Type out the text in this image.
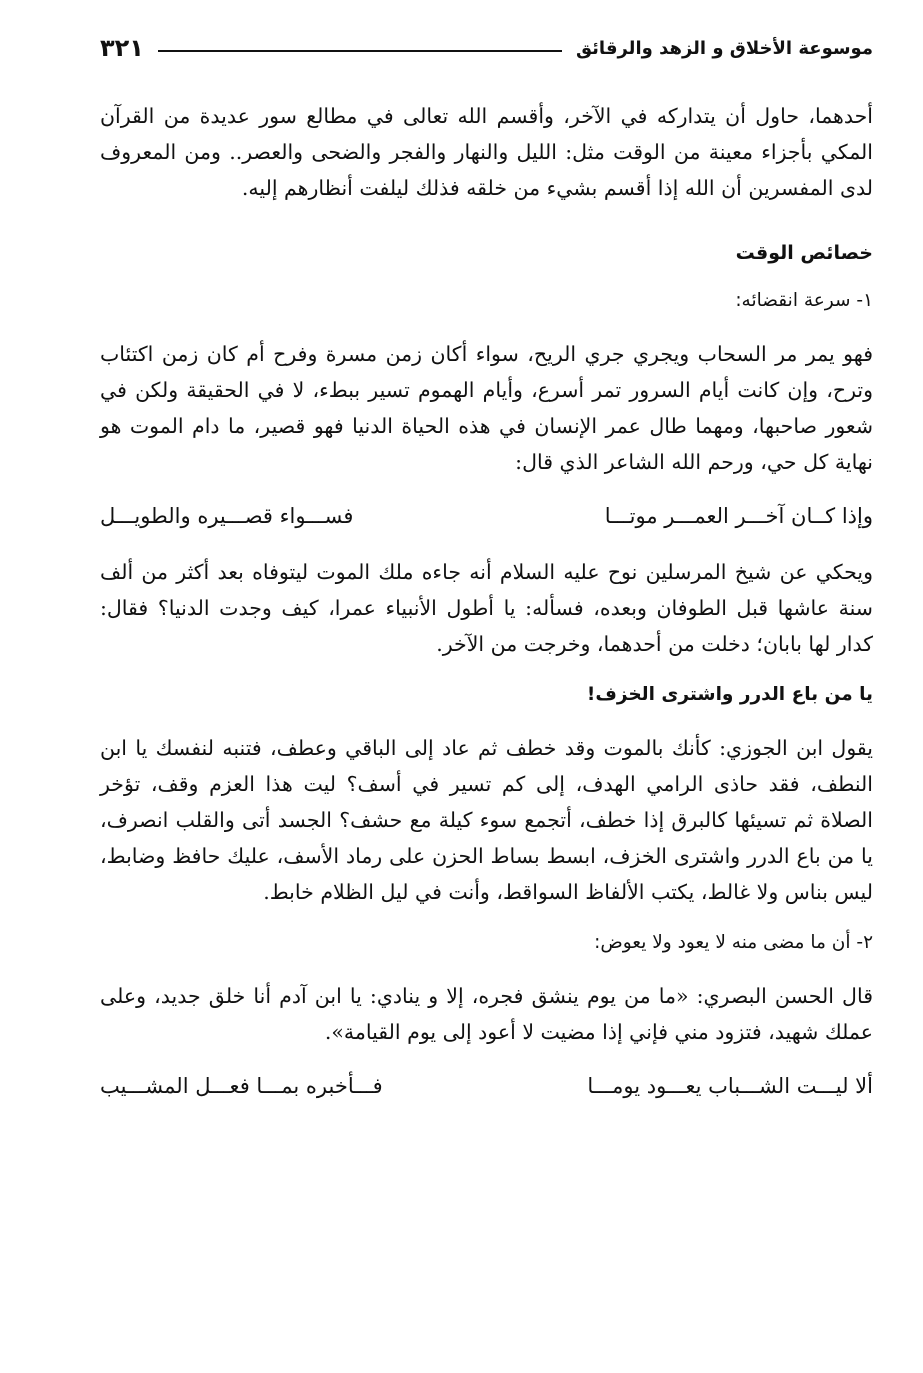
موسوعة الأخلاق و الزهد والرقائق
٣٢١

أحدهما، حاول أن يتداركه في الآخر، وأقسم الله تعالى في مطالع سور عديدة من القرآن المكي بأجزاء معينة من الوقت مثل: الليل والنهار والفجر والضحى والعصر.. ومن المعروف لدى المفسرين أن الله إذا أقسم بشيء من خلقه فذلك ليلفت أنظارهم إليه.

خصائص الوقت
١- سرعة انقضائه:

فهو يمر مر السحاب ويجري جري الريح، سواء أكان زمن مسرة وفرح أم كان زمن اكتئاب وترح، وإن كانت أيام السرور تمر أسرع، وأيام الهموم تسير ببطء، لا في الحقيقة ولكن في شعور صاحبها، ومهما طال عمر الإنسان في هذه الحياة الدنيا فهو قصير، ما دام الموت هو نهاية كل حي، ورحم الله الشاعر الذي قال:

وإذا كــان آخـــر العمـــر موتـــا
فســـواء قصـــيره والطويـــل

ويحكي عن شيخ المرسلين نوح عليه السلام أنه جاءه ملك الموت ليتوفاه بعد أكثر من ألف سنة عاشها قبل الطوفان وبعده، فسأله: يا أطول الأنبياء عمرا، كيف وجدت الدنيا؟ فقال: كدار لها بابان؛ دخلت من أحدهما، وخرجت من الآخر.

يا من باع الدرر واشترى الخزف!

يقول ابن الجوزي: كأنك بالموت وقد خطف ثم عاد إلى الباقي وعطف، فتنبه لنفسك يا ابن النطف، فقد حاذى الرامي الهدف، إلى كم تسير في أسف؟ ليت هذا العزم وقف، تؤخر الصلاة ثم تسيئها كالبرق إذا خطف، أتجمع سوء كيلة مع حشف؟ الجسد أتى والقلب انصرف، يا من باع الدرر واشترى الخزف، ابسط بساط الحزن على رماد الأسف، عليك حافظ وضابط، ليس بناس ولا غالط، يكتب الألفاظ السواقط، وأنت في ليل الظلام خابط.

٢- أن ما مضى منه لا يعود ولا يعوض:

قال الحسن البصري: «ما من يوم ينشق فجره، إلا و ينادي: يا ابن آدم أنا خلق جديد، وعلى عملك شهيد، فتزود مني فإني إذا مضيت لا أعود إلى يوم القيامة».

ألا ليـــت الشـــباب يعـــود يومـــا
فـــأخبره بمـــا فعـــل المشـــيب
